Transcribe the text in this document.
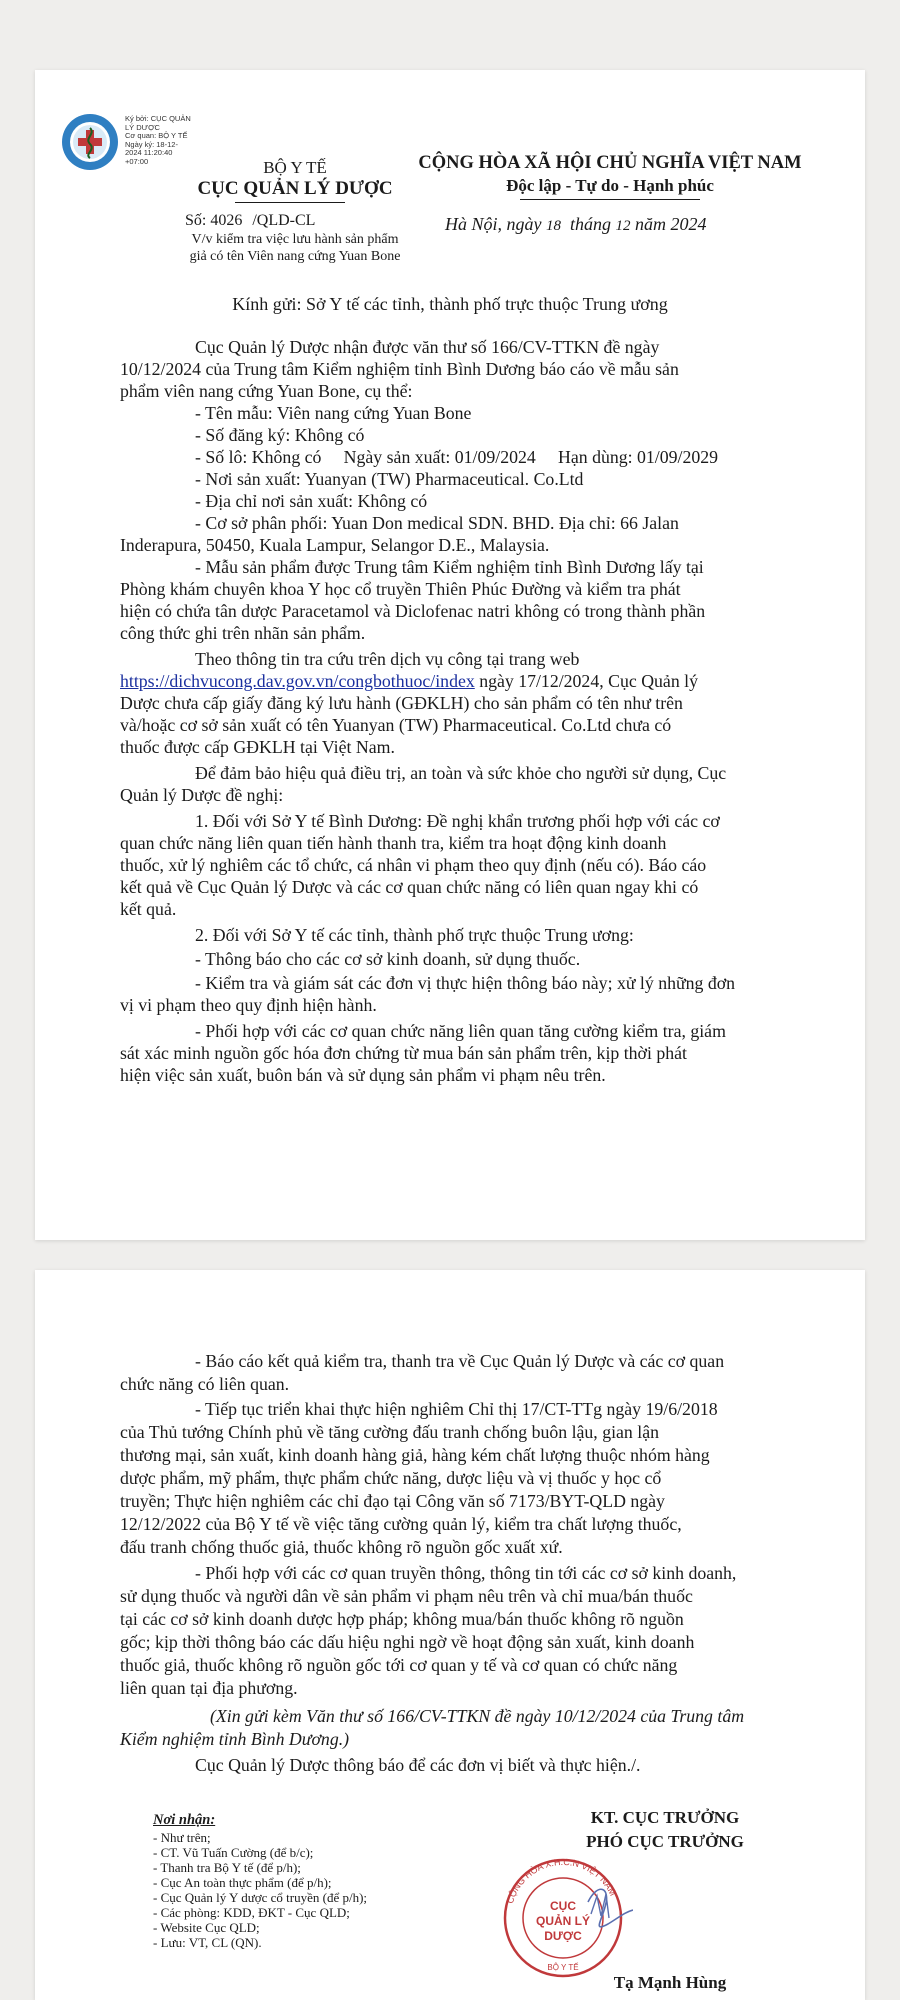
Ký bởi: CỤC QUẢN
LÝ DƯỢC
Cơ quan: BỘ Y TẾ
Ngày ký: 18-12-
2024 11:20:40
+07:00	BỘ Y TẾ
CỤC QUẢN LÝ DƯỢC
CỘNG HÒA XÃ HỘI CHỦ NGHĨA VIỆT NAM
Độc lập - Tự do - Hạnh phúc
Số: 4026 /QLD-CL
V/v kiểm tra việc lưu hành sản phẩm
giả có tên Viên nang cứng Yuan Bone
Hà Nội, ngày 18 tháng 12 năm 2024
Kính gửi: Sở Y tế các tỉnh, thành phố trực thuộc Trung ương
Cục Quản lý Dược nhận được văn thư số 166/CV-TTKN đề ngày
10/12/2024 của Trung tâm Kiểm nghiệm tỉnh Bình Dương báo cáo về mẫu sản
phẩm viên nang cứng Yuan Bone, cụ thể:
- Tên mẫu: Viên nang cứng Yuan Bone
- Số đăng ký: Không có
- Số lô: Không có     Ngày sản xuất: 01/09/2024     Hạn dùng: 01/09/2029
- Nơi sản xuất: Yuanyan (TW) Pharmaceutical. Co.Ltd
- Địa chỉ nơi sản xuất: Không có
- Cơ sở phân phối: Yuan Don medical SDN. BHD. Địa chỉ: 66 Jalan
Inderapura, 50450, Kuala Lampur, Selangor D.E., Malaysia.
- Mẫu sản phẩm được Trung tâm Kiểm nghiệm tỉnh Bình Dương lấy tại
Phòng khám chuyên khoa Y học cổ truyền Thiên Phúc Đường và kiểm tra phát
hiện có chứa tân dược Paracetamol và Diclofenac natri không có trong thành phần
công thức ghi trên nhãn sản phẩm.
Theo thông tin tra cứu trên dịch vụ công tại trang web
https://dichvucong.dav.gov.vn/congbothuoc/index ngày 17/12/2024, Cục Quản lý
Dược chưa cấp giấy đăng ký lưu hành (GĐKLH) cho sản phẩm có tên như trên
và/hoặc cơ sở sản xuất có tên Yuanyan (TW) Pharmaceutical. Co.Ltd chưa có
thuốc được cấp GĐKLH tại Việt Nam.
Để đảm bảo hiệu quả điều trị, an toàn và sức khỏe cho người sử dụng, Cục
Quản lý Dược đề nghị:
1. Đối với Sở Y tế Bình Dương: Đề nghị khẩn trương phối hợp với các cơ
quan chức năng liên quan tiến hành thanh tra, kiểm tra hoạt động kinh doanh
thuốc, xử lý nghiêm các tổ chức, cá nhân vi phạm theo quy định (nếu có). Báo cáo
kết quả về Cục Quản lý Dược và các cơ quan chức năng có liên quan ngay khi có
kết quả.
2. Đối với Sở Y tế các tỉnh, thành phố trực thuộc Trung ương:
- Thông báo cho các cơ sở kinh doanh, sử dụng thuốc.
- Kiểm tra và giám sát các đơn vị thực hiện thông báo này; xử lý những đơn
vị vi phạm theo quy định hiện hành.
- Phối hợp với các cơ quan chức năng liên quan tăng cường kiểm tra, giám
sát xác minh nguồn gốc hóa đơn chứng từ mua bán sản phẩm trên, kịp thời phát
hiện việc sản xuất, buôn bán và sử dụng sản phẩm vi phạm nêu trên.
- Báo cáo kết quả kiểm tra, thanh tra về Cục Quản lý Dược và các cơ quan
chức năng có liên quan.
- Tiếp tục triển khai thực hiện nghiêm Chỉ thị 17/CT-TTg ngày 19/6/2018
của Thủ tướng Chính phủ về tăng cường đấu tranh chống buôn lậu, gian lận
thương mại, sản xuất, kinh doanh hàng giả, hàng kém chất lượng thuộc nhóm hàng
dược phẩm, mỹ phẩm, thực phẩm chức năng, dược liệu và vị thuốc y học cổ
truyền; Thực hiện nghiêm các chỉ đạo tại Công văn số 7173/BYT-QLD ngày
12/12/2022 của Bộ Y tế về việc tăng cường quản lý, kiểm tra chất lượng thuốc,
đấu tranh chống thuốc giả, thuốc không rõ nguồn gốc xuất xứ.
- Phối hợp với các cơ quan truyền thông, thông tin tới các cơ sở kinh doanh,
sử dụng thuốc và người dân về sản phẩm vi phạm nêu trên và chỉ mua/bán thuốc
tại các cơ sở kinh doanh dược hợp pháp; không mua/bán thuốc không rõ nguồn
gốc; kịp thời thông báo các dấu hiệu nghi ngờ về hoạt động sản xuất, kinh doanh
thuốc giả, thuốc không rõ nguồn gốc tới cơ quan y tế và cơ quan có chức năng
liên quan tại địa phương.
(Xin gửi kèm Văn thư số 166/CV-TTKN đề ngày 10/12/2024 của Trung tâm
Kiểm nghiệm tỉnh Bình Dương.)
Cục Quản lý Dược thông báo để các đơn vị biết và thực hiện./.
Nơi nhận:
- Như trên;
- CT. Vũ Tuấn Cường (để b/c);
- Thanh tra Bộ Y tế (để p/h);
- Cục An toàn thực phẩm (để p/h);
- Cục Quản lý Y dược cổ truyền (để p/h);
- Các phòng: KDD, ĐKT - Cục QLD;
- Website Cục QLD;
- Lưu: VT, CL (QN).
KT. CỤC TRƯỞNG
PHÓ CỤC TRƯỞNG
CỘNG HÒA X.H.C.N VIỆT NAM
CỤC
QUẢN LÝ
DƯỢC
BỘ Y TẾ
Tạ Mạnh Hùng
